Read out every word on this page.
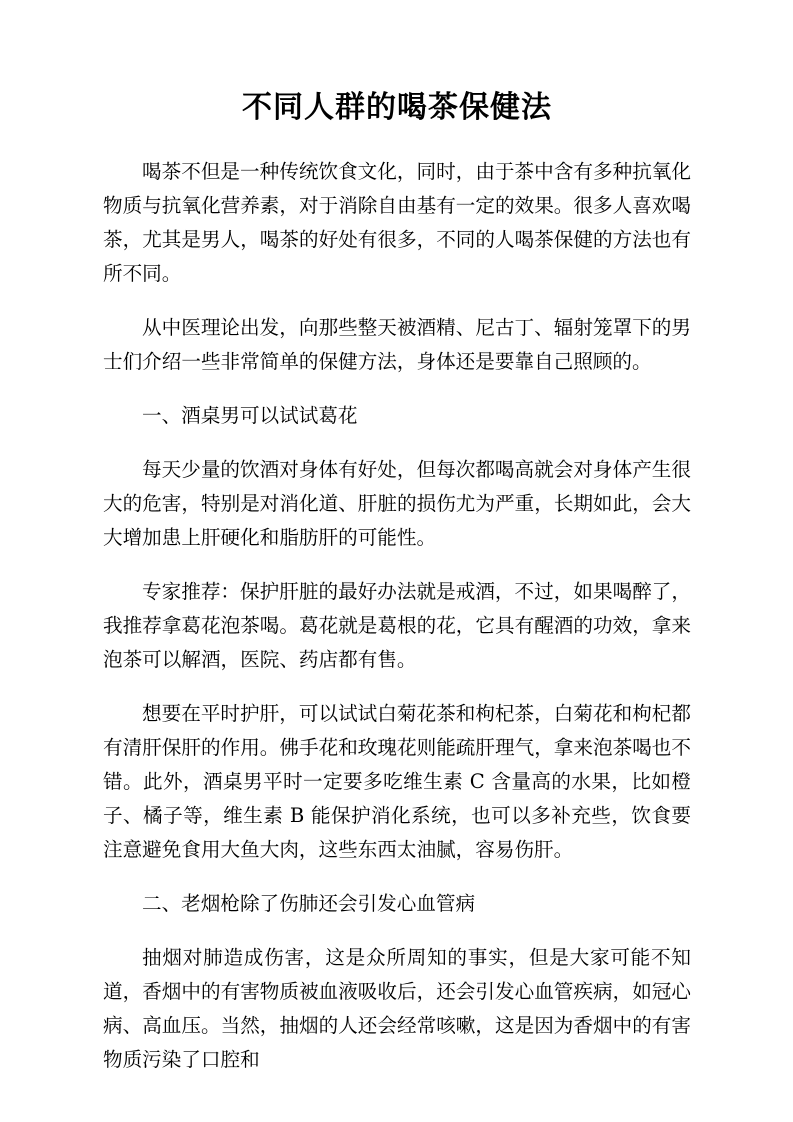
不同人群的喝茶保健法

喝茶不但是一种传统饮食文化，同时，由于茶中含有多种抗氧化物质与抗氧化营养素，对于消除自由基有一定的效果。很多人喜欢喝茶，尤其是男人，喝茶的好处有很多，不同的人喝茶保健的方法也有所不同。

从中医理论出发，向那些整天被酒精、尼古丁、辐射笼罩下的男士们介绍一些非常简单的保健方法，身体还是要靠自己照顾的。

一、酒桌男可以试试葛花

每天少量的饮酒对身体有好处，但每次都喝高就会对身体产生很大的危害，特别是对消化道、肝脏的损伤尤为严重，长期如此，会大大增加患上肝硬化和脂肪肝的可能性。

专家推荐：保护肝脏的最好办法就是戒酒，不过，如果喝醉了，我推荐拿葛花泡茶喝。葛花就是葛根的花，它具有醒酒的功效，拿来泡茶可以解酒，医院、药店都有售。

想要在平时护肝，可以试试白菊花茶和枸杞茶，白菊花和枸杞都有清肝保肝的作用。佛手花和玫瑰花则能疏肝理气，拿来泡茶喝也不错。此外，酒桌男平时一定要多吃维生素 C 含量高的水果，比如橙子、橘子等，维生素 B 能保护消化系统，也可以多补充些，饮食要注意避免食用大鱼大肉，这些东西太油腻，容易伤肝。

二、老烟枪除了伤肺还会引发心血管病

抽烟对肺造成伤害，这是众所周知的事实，但是大家可能不知道，香烟中的有害物质被血液吸收后，还会引发心血管疾病，如冠心病、高血压。当然，抽烟的人还会经常咳嗽，这是因为香烟中的有害物质污染了口腔和
